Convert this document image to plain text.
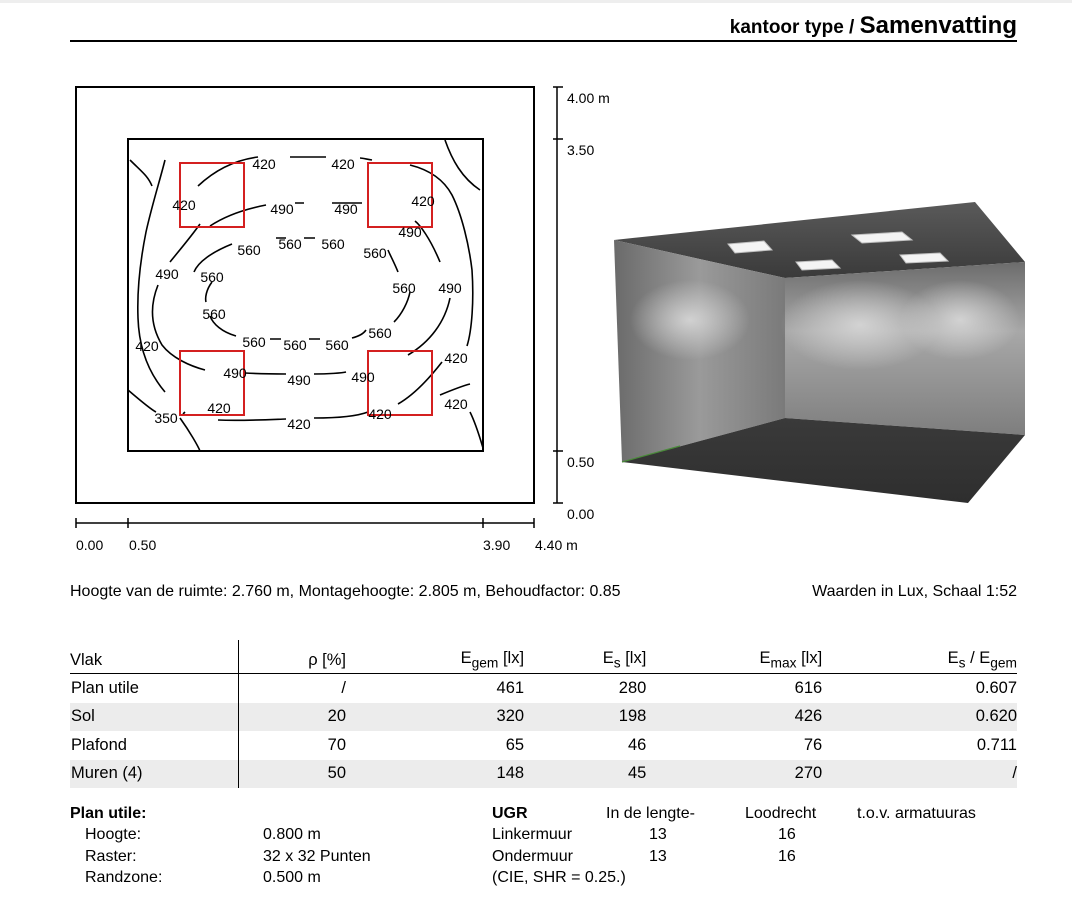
kantoor type / Samenvatting
420	420
420	420
490	490
490
560 560 560
560
490 560
560 490
560
420	560 560 560
560
420
490	490	490
420
420
420
350
420
4.00 m
3.50
0.50
0.00
0.00 0.50	3.90 4.40 m
Hoogte van de ruimte: 2.760 m, Montagehoogte: 2.805 m, Behoudfactor: 0.85	Waarden in Lux, Schaal 1:52
Vlak	ρ [%]	$E_{gem}$ [lx]	$E_s$ [lx]	$E_{max}$ [lx]	$E_s / E_{gem}$
Plan utile	/	461	280	616	0.607
Sol	20	320	198	426	0.620
Plafond	70	65	46	76	0.711
Muren (4)	50	148	45	270	/
Plan utile:
Hoogte:	0.800 m
Raster:	32 x 32 Punten
Randzone:	0.500 m
UGR	In de lengte-	Loodrecht	t.o.v. armatuuras
Linkermuur	13	16
Ondermuur	13	16
(CIE, SHR = 0.25.)
